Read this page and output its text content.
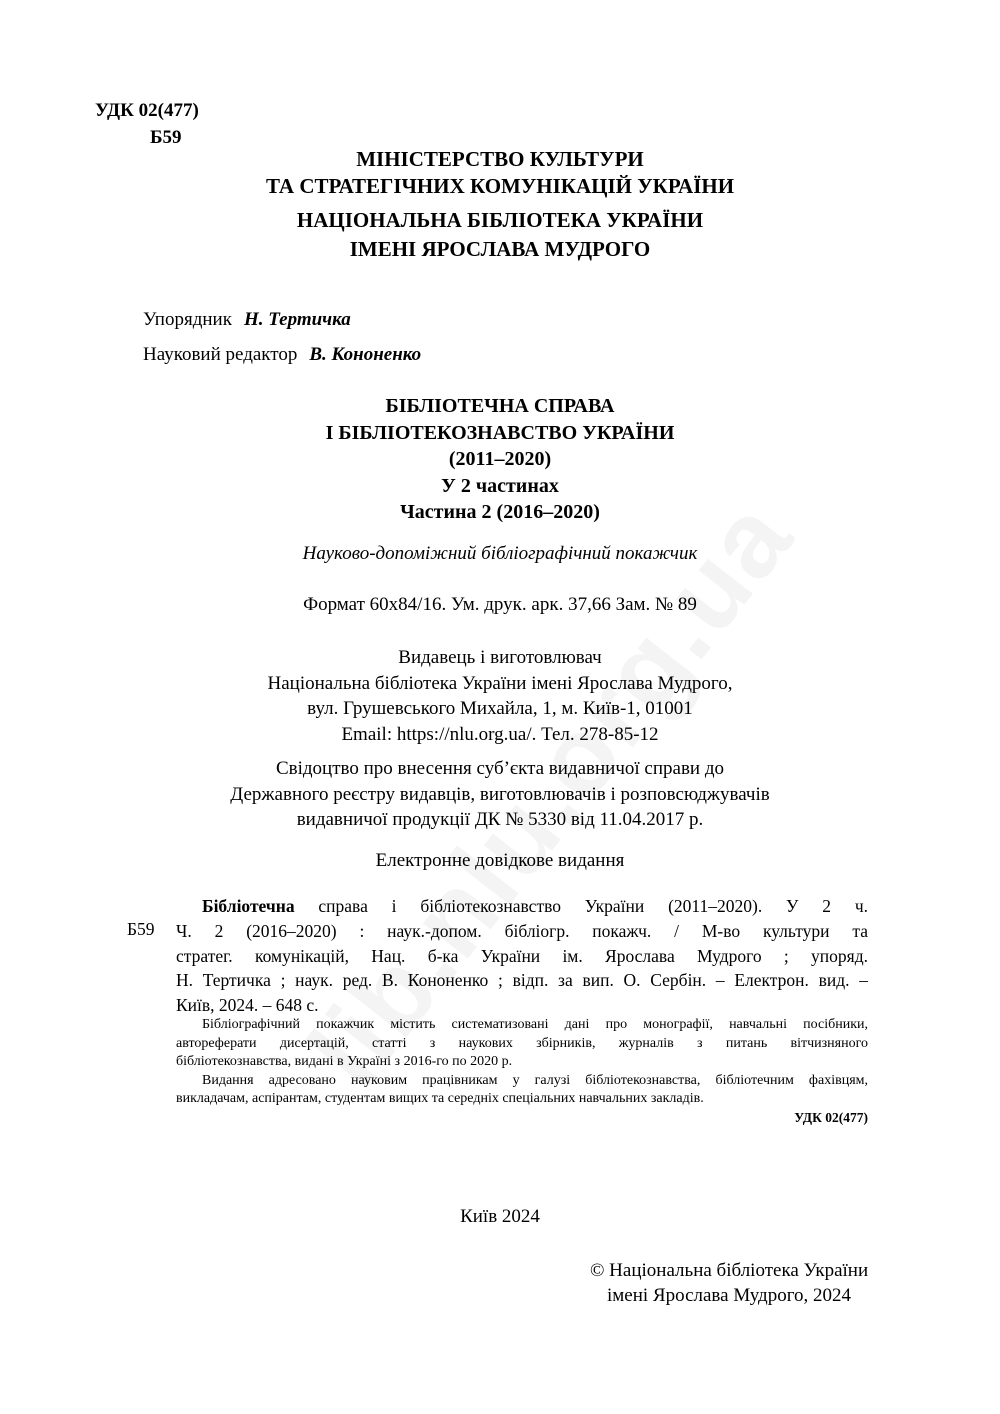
УДК 02(477)
Б59
МІНІСТЕРСТВО КУЛЬТУРИ
ТА СТРАТЕГІЧНИХ КОМУНІКАЦІЙ УКРАЇНИ
НАЦІОНАЛЬНА БІБЛІОТЕКА УКРАЇНИ
ІМЕНІ ЯРОСЛАВА МУДРОГО
Упорядник Н. Тертичка
Науковий редактор В. Кононенко
БІБЛІОТЕЧНА СПРАВА
І БІБЛІОТЕКОЗНАВСТВО УКРАЇНИ
(2011–2020)
У 2 частинах
Частина 2 (2016–2020)
Науково-допоміжний бібліографічний покажчик
Формат 60х84/16. Ум. друк. арк. 37,66 Зам. № 89
Видавець і виготовлювач
Національна бібліотека України імені Ярослава Мудрого,
вул. Грушевського Михайла, 1, м. Київ-1, 01001
Email: https://nlu.org.ua/. Тел. 278-85-12
Свідоцтво про внесення суб’єкта видавничої справи до
Державного реєстру видавців, виготовлювачів і розповсюджувачів
видавничої продукції ДК № 5330 від 11.04.2017 р.
Електронне довідкове видання
Бібліотечна справа і бібліотекознавство України (2011–2020). У 2 ч.
Б59 Ч. 2 (2016–2020) : наук.-допом. бібліогр. покажч. / М-во культури та
стратег. комунікацій, Нац. б-ка України ім. Ярослава Мудрого ; упоряд.
Н. Тертичка ; наук. ред. В. Кононенко ; відп. за вип. О. Сербін. – Електрон. вид. –
Київ, 2024. – 648 с.

Бібліографічний покажчик містить систематизовані дані про монографії, навчальні посібники,

автореферати дисертацій, статті з наукових збірників, журналів з питань вітчизняного
бібліотекознавства, видані в Україні з 2016-го по 2020 р.

Видання адресовано науковим працівникам у галузі бібліотекознавства, бібліотечним фахівцям,

викладачам, аспірантам, студентам вищих та середніх спеціальних навчальних закладів.
УДК 02(477)
Київ 2024
© Національна бібліотека України
імені Ярослава Мудрого, 2024
